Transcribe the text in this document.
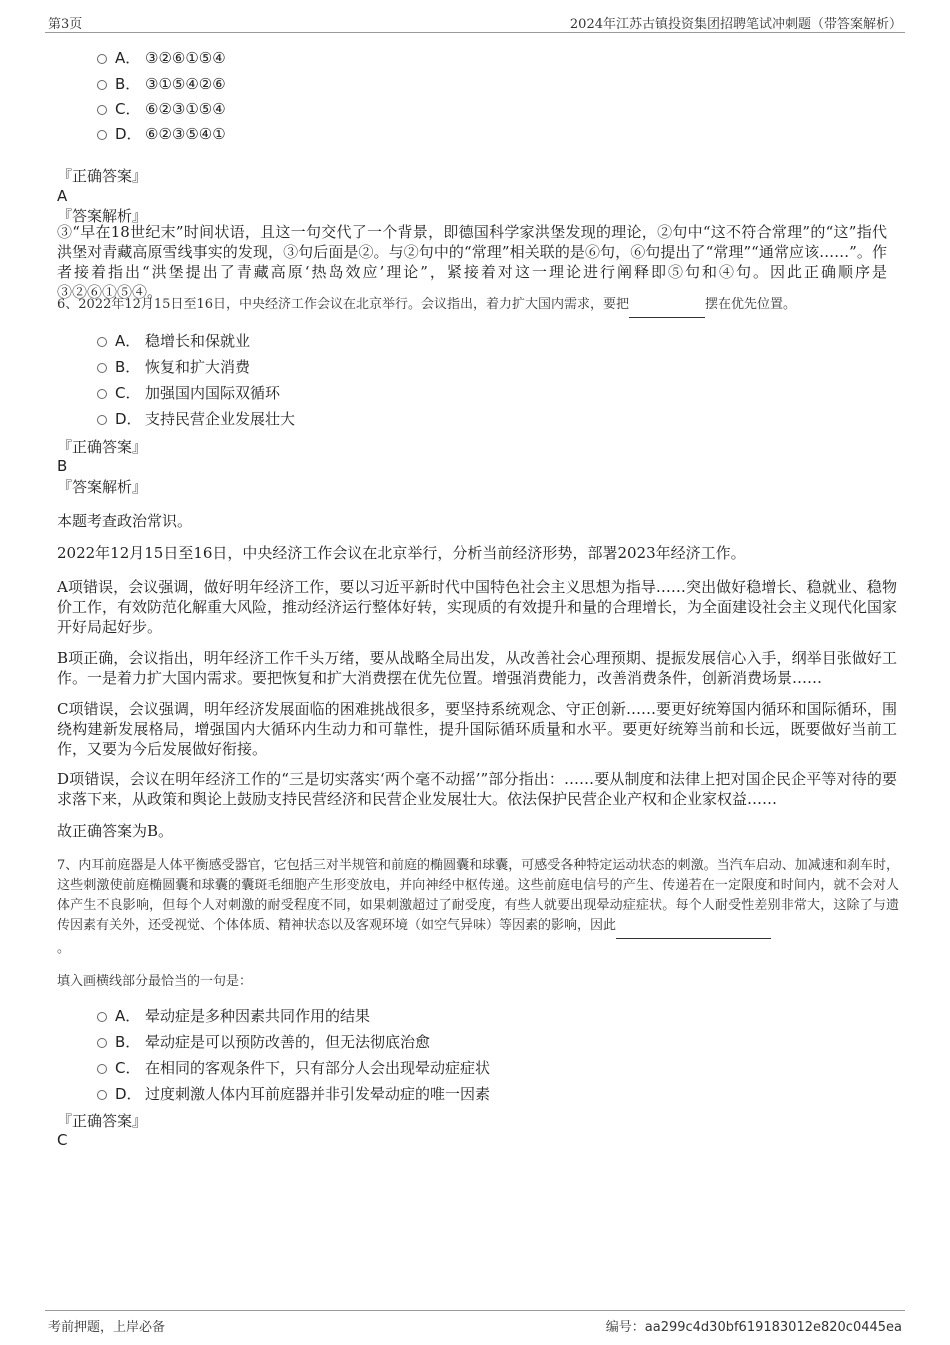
第3页	2024年江苏古镇投资集团招聘笔试冲刺题（带答案解析）
A． ③②⑥①⑤④
B． ③①⑤④②⑥
C． ⑥②③①⑤④
D． ⑥②③⑤④①
『正确答案』
A
『答案解析』
③“早在18世纪末”时间状语，且这一句交代了一个背景，即德国科学家洪堡发现的理论，②句中“这不符合常理”的“这”指代洪堡对青藏高原雪线事实的发现，③句后面是②。与②句中的“常理”相关联的是⑥句，⑥句提出了“常理”“通常应该……”。作者接着指出“洪堡提出了青藏高原‘热岛效应’理论”，紧接着对这一理论进行阐释即⑤句和④句。因此正确顺序是③②⑥①⑤④。
6、2022年12月15日至16日，中央经济工作会议在北京举行。会议指出，着力扩大国内需求，要把	摆在优先位置。
A． 稳增长和保就业
B． 恢复和扩大消费
C． 加强国内国际双循环
D． 支持民营企业发展壮大
『正确答案』
B
『答案解析』
本题考查政治常识。
2022年12月15日至16日，中央经济工作会议在北京举行，分析当前经济形势，部署2023年经济工作。
A项错误，会议强调，做好明年经济工作，要以习近平新时代中国特色社会主义思想为指导……突出做好稳增长、稳就业、稳物价工作，有效防范化解重大风险，推动经济运行整体好转，实现质的有效提升和量的合理增长，为全面建设社会主义现代化国家开好局起好步。
B项正确，会议指出，明年经济工作千头万绪，要从战略全局出发，从改善社会心理预期、提振发展信心入手，纲举目张做好工作。一是着力扩大国内需求。要把恢复和扩大消费摆在优先位置。增强消费能力，改善消费条件，创新消费场景……
C项错误，会议强调，明年经济发展面临的困难挑战很多，要坚持系统观念、守正创新……要更好统筹国内循环和国际循环，围绕构建新发展格局，增强国内大循环内生动力和可靠性，提升国际循环质量和水平。要更好统筹当前和长远，既要做好当前工作，又要为今后发展做好衔接。
D项错误，会议在明年经济工作的“三是切实落实‘两个毫不动摇’”部分指出：……要从制度和法律上把对国企民企平等对待的要求落下来，从政策和舆论上鼓励支持民营经济和民营企业发展壮大。依法保护民营企业产权和企业家权益……
故正确答案为B。
7、内耳前庭器是人体平衡感受器官，它包括三对半规管和前庭的椭圆囊和球囊，可感受各种特定运动状态的刺激。当汽车启动、加减速和刹车时，这些刺激使前庭椭圆囊和球囊的囊斑毛细胞产生形变放电，并向神经中枢传递。这些前庭电信号的产生、传递若在一定限度和时间内，就不会对人体产生不良影响，但每个人对刺激的耐受程度不同，如果刺激超过了耐受度，有些人就要出现晕动症症状。每个人耐受性差别非常大，这除了与遗传因素有关外，还受视觉、个体体质、精神状态以及客观环境（如空气异味）等因素的影响，因此
。
填入画横线部分最恰当的一句是：
A． 晕动症是多种因素共同作用的结果
B． 晕动症是可以预防改善的，但无法彻底治愈
C． 在相同的客观条件下，只有部分人会出现晕动症症状
D． 过度刺激人体内耳前庭器并非引发晕动症的唯一因素
『正确答案』
C
考前押题，上岸必备	编号：aa299c4d30bf619183012e820c0445ea
